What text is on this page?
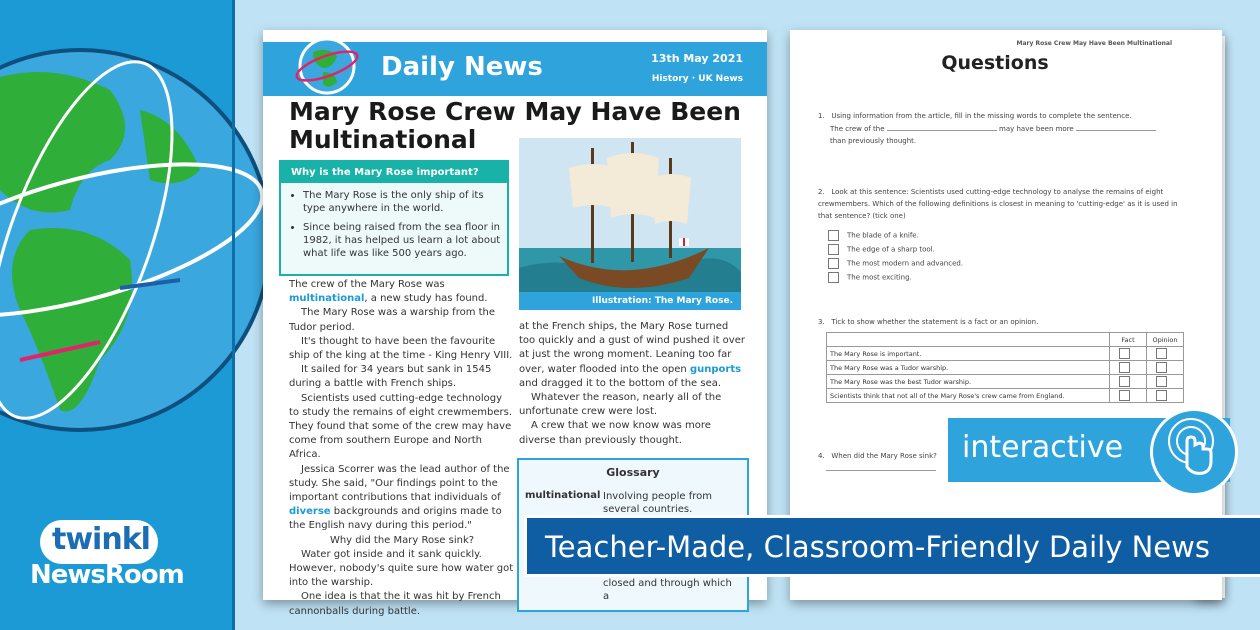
twinkl
NewsRoom
Daily News	13th May 2021
History · UK News
Mary Rose Crew May Have Been Multinational
Why is the Mary Rose important?
• The Mary Rose is the only ship of its type anywhere in the world.
• Since being raised from the sea floor in 1982, it has helped us learn a lot about what life was like 500 years ago.
Illustration: The Mary Rose.

The crew of the Mary Rose was multinational, a new study has found.

The Mary Rose was a warship from the Tudor period.

It's thought to have been the favourite ship of the king at the time - King Henry VIII.

It sailed for 34 years but sank in 1545 during a battle with French ships.

Scientists used cutting-edge technology to study the remains of eight crewmembers. They found that some of the crew may have come from southern Europe and North Africa.

Jessica Scorrer was the lead author of the study. She said, "Our findings point to the important contributions that individuals of diverse backgrounds and origins made to the English navy during this period."

Why did the Mary Rose sink?

Water got inside and it sank quickly. However, nobody's quite sure how water got into the warship.

One idea is that the it was hit by French cannonballs during battle.

at the French ships, the Mary Rose turned too quickly and a gust of wind pushed it over at just the wrong moment. Leaning too far over, water flooded into the open gunports and dragged it to the bottom of the sea.

Whatever the reason, nearly all of the unfortunate crew were lost.

A crew that we now know was more diverse than previously thought.

Glossary
multinational Involving people from several countries.
closed and through which a
Mary Rose Crew May Have Been Multinational
Questions
1.   Using information from the article, fill in the missing words to complete the sentence.
The crew of the	may have been more
than previously thought.
2.   Look at this sentence: Scientists used cutting-edge technology to analyse the remains of eight crewmembers. Which of the following definitions is closest in meaning to 'cutting-edge' as it is used in that sentence? (tick one)
The blade of a knife.
The edge of a sharp tool.
The most modern and advanced.
The most exciting.
3.   Tick to show whether the statement is a fact or an opinion.
	Fact	Opinion
The Mary Rose is important.		
The Mary Rose was a Tudor warship.		
The Mary Rose was the best Tudor warship.		
Scientists think that not all of the Mary Rose's crew came from England.		
4.   When did the Mary Rose sink? interactive
Teacher-Made, Classroom-Friendly Daily News
